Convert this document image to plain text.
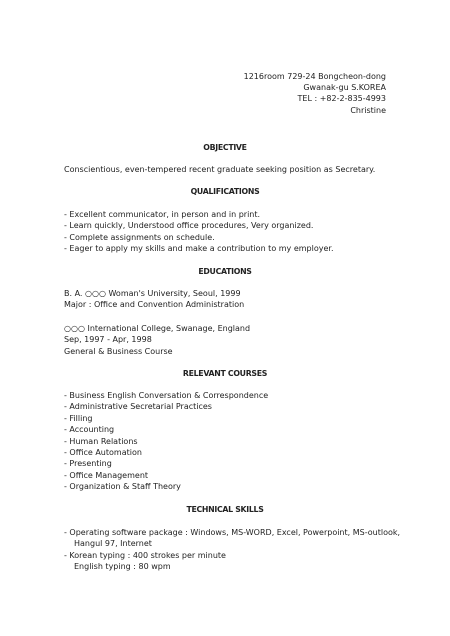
1216room 729-24 Bongcheon-dong
Gwanak-gu S.KOREA
TEL : +82-2-835-4993
Christine
OBJECTIVE
Conscientious, even-tempered recent graduate seeking position as Secretary.
QUALIFICATIONS
- Excellent communicator, in person and in print.
- Learn quickly, Understood office procedures, Very organized.
- Complete assignments on schedule.
- Eager to apply my skills and make a contribution to my employer.
EDUCATIONS
B. A. ○○○ Woman's University, Seoul, 1999
Major : Office and Convention Administration
○○○ International College, Swanage, England
Sep, 1997 - Apr, 1998
General & Business Course
RELEVANT COURSES
- Business English Conversation & Correspondence
- Administrative Secretarial Practices
- Filling
- Accounting
- Human Relations
- Office Automation
- Presenting
- Office Management
- Organization & Staff Theory
TECHNICAL SKILLS
- Operating software package : Windows, MS-WORD, Excel, Powerpoint, MS-outlook,
Hangul 97, Internet
- Korean typing : 400 strokes per minute
English typing : 80 wpm
